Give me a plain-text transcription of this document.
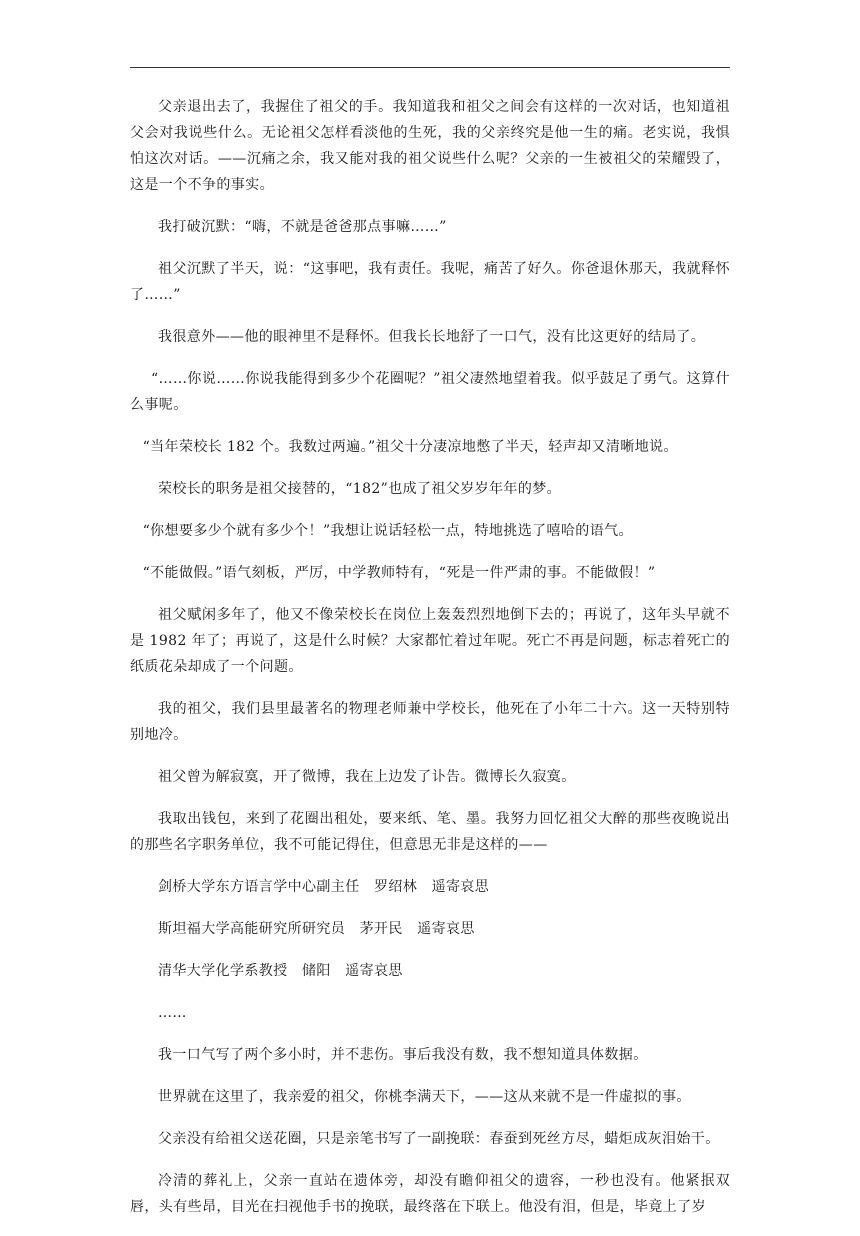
父亲退出去了，我握住了祖父的手。我知道我和祖父之间会有这样的一次对话，也知道祖父会对我说些什么。无论祖父怎样看淡他的生死，我的父亲终究是他一生的痛。老实说，我惧怕这次对话。——沉痛之余，我又能对我的祖父说些什么呢？父亲的一生被祖父的荣耀毁了，这是一个不争的事实。

我打破沉默：“嗨，不就是爸爸那点事嘛……”

祖父沉默了半天，说：“这事吧，我有责任。我呢，痛苦了好久。你爸退休那天，我就释怀了……”

我很意外——他的眼神里不是释怀。但我长长地舒了一口气，没有比这更好的结局了。

“……你说……你说我能得到多少个花圈呢？”祖父凄然地望着我。似乎鼓足了勇气。这算什么事呢。

“当年荣校长 182 个。我数过两遍。”祖父十分凄凉地憋了半天，轻声却又清晰地说。

荣校长的职务是祖父接替的，“182”也成了祖父岁岁年年的梦。

“你想要多少个就有多少个！”我想让说话轻松一点，特地挑选了嘻哈的语气。

“不能做假。”语气刻板，严厉，中学教师特有，“死是一件严肃的事。不能做假！”

祖父赋闲多年了，他又不像荣校长在岗位上轰轰烈烈地倒下去的；再说了，这年头早就不是 1982 年了；再说了，这是什么时候？大家都忙着过年呢。死亡不再是问题，标志着死亡的纸质花朵却成了一个问题。

我的祖父，我们县里最著名的物理老师兼中学校长，他死在了小年二十六。这一天特别特别地冷。

祖父曾为解寂寞，开了微博，我在上边发了讣告。微博长久寂寞。

我取出钱包，来到了花圈出租处，要来纸、笔、墨。我努力回忆祖父大醉的那些夜晚说出的那些名字职务单位，我不可能记得住，但意思无非是这样的——

剑桥大学东方语言学中心副主任　罗绍林　遥寄哀思

斯坦福大学高能研究所研究员　茅开民　遥寄哀思

清华大学化学系教授　储阳　遥寄哀思

……

我一口气写了两个多小时，并不悲伤。事后我没有数，我不想知道具体数据。

世界就在这里了，我亲爱的祖父，你桃李满天下，——这从来就不是一件虚拟的事。

父亲没有给祖父送花圈，只是亲笔书写了一副挽联：春蚕到死丝方尽，蜡炬成灰泪始干。

冷清的葬礼上，父亲一直站在遗体旁，却没有瞻仰祖父的遗容，一秒也没有。他紧抿双唇，头有些昂，目光在扫视他手书的挽联，最终落在下联上。他没有泪，但是，毕竟上了岁
